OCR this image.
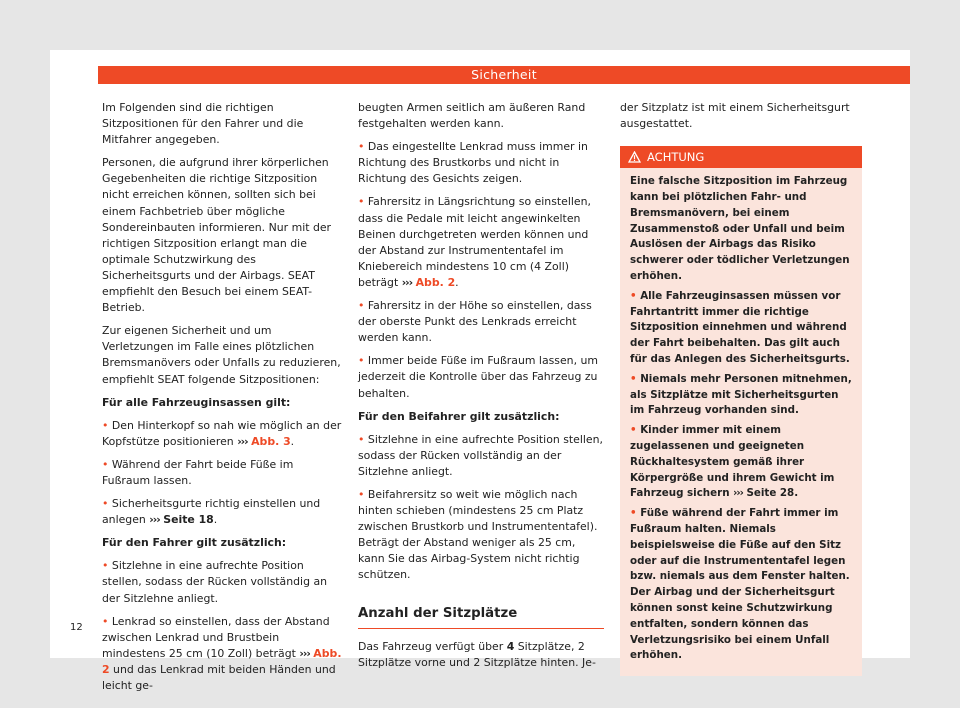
Sicherheit

Im Folgenden sind die richtigen Sitzpositionen für den Fahrer und die Mitfahrer angegeben.

Personen, die aufgrund ihrer körperlichen Gegebenheiten die richtige Sitzposition nicht erreichen können, sollten sich bei einem Fachbetrieb über mögliche Sondereinbauten informieren. Nur mit der richtigen Sitzposition erlangt man die optimale Schutzwirkung des Sicherheitsgurts und der Airbags. SEAT empfiehlt den Besuch bei einem SEAT-Betrieb.

Zur eigenen Sicherheit und um Verletzungen im Falle eines plötzlichen Bremsmanövers oder Unfalls zu reduzieren, empfiehlt SEAT folgende Sitzpositionen:

Für alle Fahrzeuginsassen gilt:

• Den Hinterkopf so nah wie möglich an der Kopfstütze positionieren ››› Abb. 3.

• Während der Fahrt beide Füße im Fußraum lassen.

• Sicherheitsgurte richtig einstellen und anlegen ››› Seite 18.

Für den Fahrer gilt zusätzlich:

• Sitzlehne in eine aufrechte Position stellen, sodass der Rücken vollständig an der Sitzlehne anliegt.

• Lenkrad so einstellen, dass der Abstand zwischen Lenkrad und Brustbein mindestens 25 cm (10 Zoll) beträgt ››› Abb. 2 und das Lenkrad mit beiden Händen und leicht ge-

beugten Armen seitlich am äußeren Rand festgehalten werden kann.

• Das eingestellte Lenkrad muss immer in Richtung des Brustkorbs und nicht in Richtung des Gesichts zeigen.

• Fahrersitz in Längsrichtung so einstellen, dass die Pedale mit leicht angewinkelten Beinen durchgetreten werden können und der Abstand zur Instrumententafel im Kniebereich mindestens 10 cm (4 Zoll) beträgt ››› Abb. 2.

• Fahrersitz in der Höhe so einstellen, dass der oberste Punkt des Lenkrads erreicht werden kann.

• Immer beide Füße im Fußraum lassen, um jederzeit die Kontrolle über das Fahrzeug zu behalten.

Für den Beifahrer gilt zusätzlich:

• Sitzlehne in eine aufrechte Position stellen, sodass der Rücken vollständig an der Sitzlehne anliegt.

• Beifahrersitz so weit wie möglich nach hinten schieben (mindestens 25 cm Platz zwischen Brustkorb und Instrumententafel). Beträgt der Abstand weniger als 25 cm, kann Sie das Airbag-System nicht richtig schützen.

Anzahl der Sitzplätze

Das Fahrzeug verfügt über 4 Sitzplätze, 2 Sitzplätze vorne und 2 Sitzplätze hinten. Je-

der Sitzplatz ist mit einem Sicherheitsgurt ausgestattet.

ACHTUNG

Eine falsche Sitzposition im Fahrzeug kann bei plötzlichen Fahr- und Bremsmanövern, bei einem Zusammenstoß oder Unfall und beim Auslösen der Airbags das Risiko schwerer oder tödlicher Verletzungen erhöhen.

• Alle Fahrzeuginsassen müssen vor Fahrtantritt immer die richtige Sitzposition einnehmen und während der Fahrt beibehalten. Das gilt auch für das Anlegen des Sicherheitsgurts.

• Niemals mehr Personen mitnehmen, als Sitzplätze mit Sicherheitsgurten im Fahrzeug vorhanden sind.

• Kinder immer mit einem zugelassenen und geeigneten Rückhaltesystem gemäß ihrer Körpergröße und ihrem Gewicht im Fahrzeug sichern ››› Seite 28.

• Füße während der Fahrt immer im Fußraum halten. Niemals beispielsweise die Füße auf den Sitz oder auf die Instrumententafel legen bzw. niemals aus dem Fenster halten. Der Airbag und der Sicherheitsgurt können sonst keine Schutzwirkung entfalten, sondern können das Verletzungsrisiko bei einem Unfall erhöhen.

12
